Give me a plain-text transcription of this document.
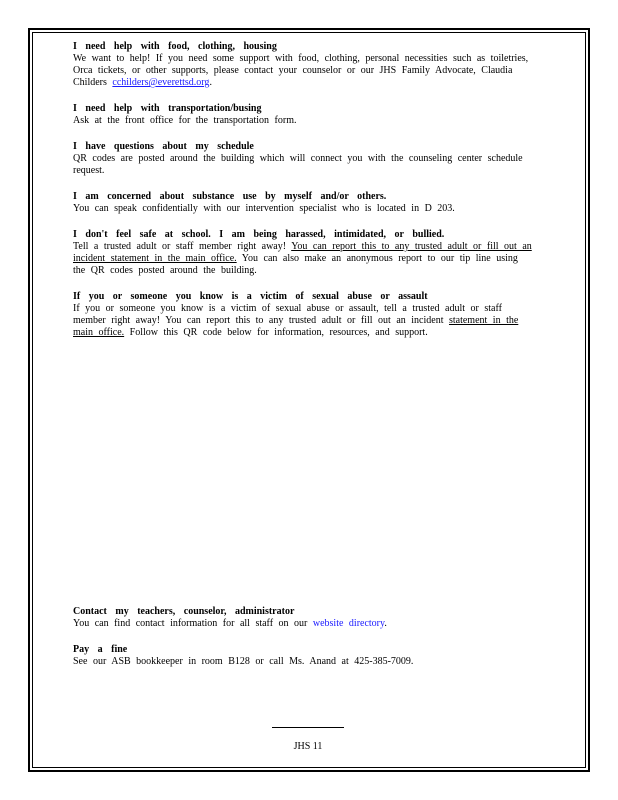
I need help with food, clothing, housing
We want to help! If you need some support with food, clothing, personal necessities such as toiletries, Orca tickets, or other supports, please contact your counselor or our JHS Family Advocate, Claudia Childers cchilders@everettsd.org.
I need help with transportation/busing
Ask at the front office for the transportation form.
I have questions about my schedule
QR codes are posted around the building which will connect you with the counseling center schedule request.
I am concerned about substance use by myself and/or others.
You can speak confidentially with our intervention specialist who is located in D 203.
I don't feel safe at school. I am being harassed, intimidated, or bullied.
Tell a trusted adult or staff member right away! You can report this to any trusted adult or fill out an incident statement in the main office. You can also make an anonymous report to our tip line using the QR codes posted around the building.
If you or someone you know is a victim of sexual abuse or assault
If you or someone you know is a victim of sexual abuse or assault, tell a trusted adult or staff member right away! You can report this to any trusted adult or fill out an incident statement in the main office. Follow this QR code below for information, resources, and support.
Contact my teachers, counselor, administrator
You can find contact information for all staff on our website directory.
Pay a fine
See our ASB bookkeeper in room B128 or call Ms. Anand at 425-385-7009.
JHS 11
